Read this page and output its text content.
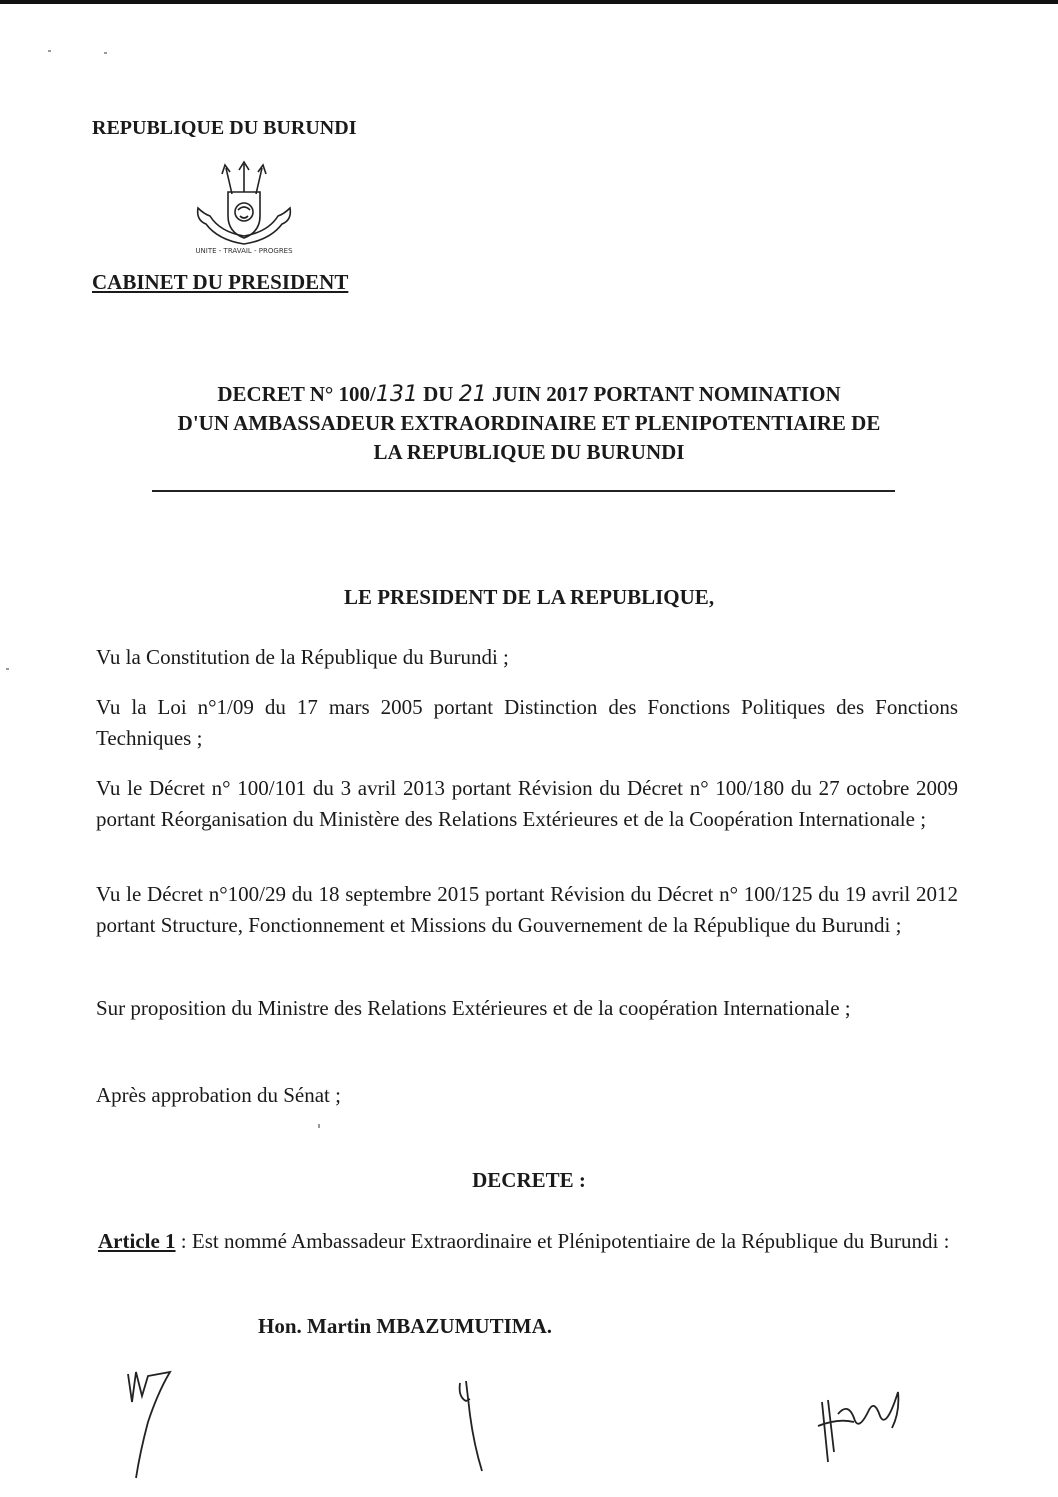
REPUBLIQUE DU BURUNDI
UNITE - TRAVAIL - PROGRES
CABINET DU PRESIDENT
DECRET N° 100/131 DU 21 JUIN 2017 PORTANT NOMINATION
D'UN AMBASSADEUR EXTRAORDINAIRE ET PLENIPOTENTIAIRE DE
LA REPUBLIQUE DU BURUNDI
LE PRESIDENT DE LA REPUBLIQUE,
Vu la Constitution de la République du Burundi ;
Vu la Loi n°1/09 du 17 mars 2005 portant Distinction des Fonctions Politiques des Fonctions Techniques ;
Vu le Décret n° 100/101 du 3 avril 2013 portant Révision du Décret n° 100/180 du 27 octobre 2009 portant Réorganisation du Ministère des Relations Extérieures et de la Coopération Internationale ;
Vu le Décret n°100/29 du 18 septembre 2015 portant Révision du Décret n° 100/125 du 19 avril 2012 portant Structure, Fonctionnement et Missions du Gouvernement de la République du Burundi ;
Sur proposition du Ministre des Relations Extérieures et de la coopération Internationale ;
Après approbation du Sénat ;
DECRETE :
Article 1 : Est nommé Ambassadeur Extraordinaire et Plénipotentiaire de la République du Burundi :
Hon. Martin MBAZUMUTIMA.
